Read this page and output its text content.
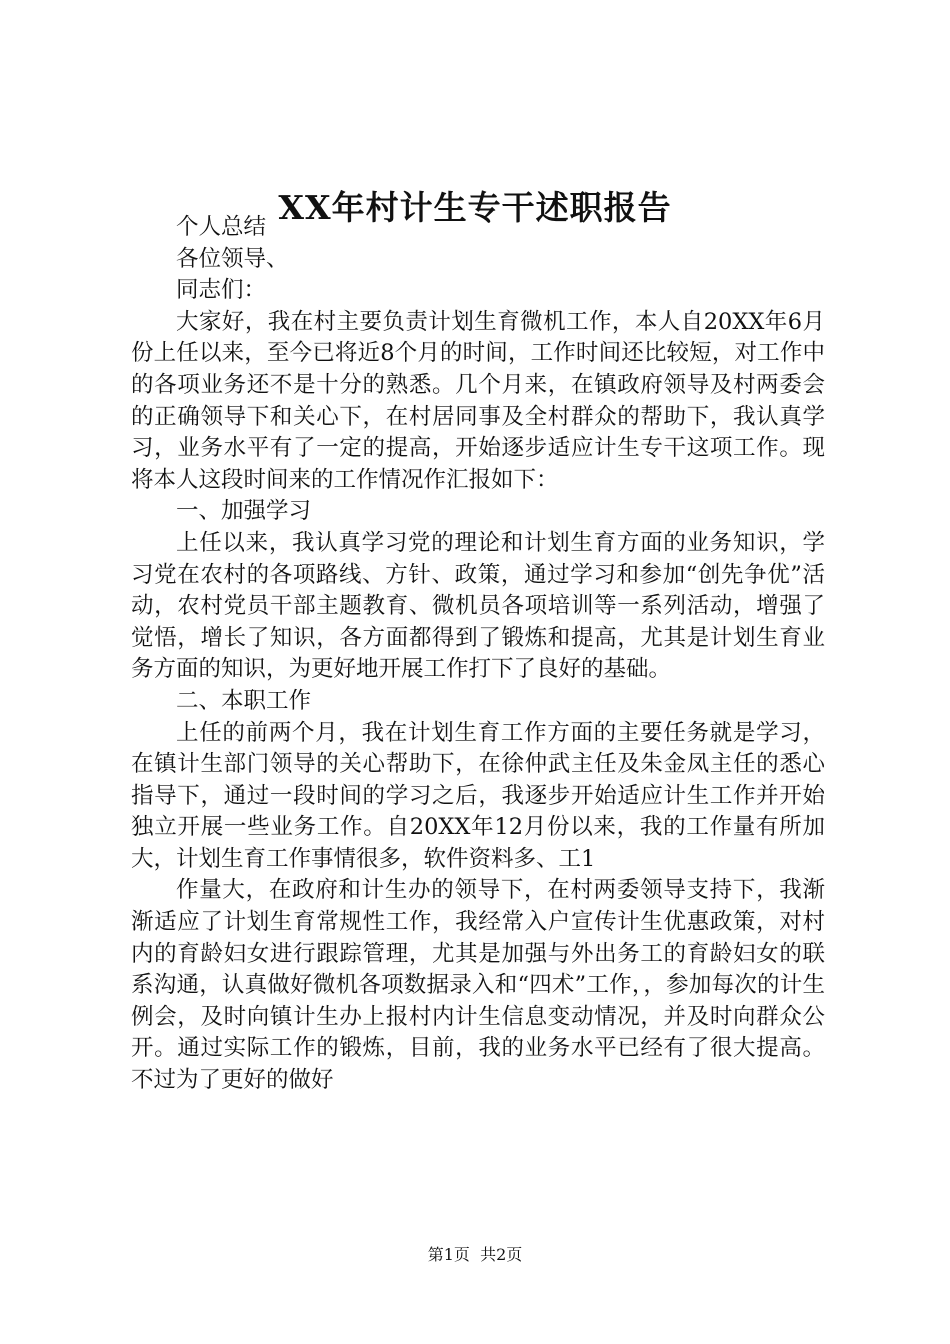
XX年村计生专干述职报告

个人总结

各位领导、

同志们：

大家好，我在村主要负责计划生育微机工作，本人自20XX年6月份上任以来，至今已将近8个月的时间，工作时间还比较短，对工作中的各项业务还不是十分的熟悉。几个月来，在镇政府领导及村两委会的正确领导下和关心下，在村居同事及全村群众的帮助下，我认真学习，业务水平有了一定的提高，开始逐步适应计生专干这项工作。现将本人这段时间来的工作情况作汇报如下：

一、加强学习

上任以来，我认真学习党的理论和计划生育方面的业务知识，学习党在农村的各项路线、方针、政策，通过学习和参加“创先争优”活动，农村党员干部主题教育、微机员各项培训等一系列活动，增强了觉悟，增长了知识，各方面都得到了锻炼和提高，尤其是计划生育业务方面的知识，为更好地开展工作打下了良好的基础。

二、本职工作

上任的前两个月，我在计划生育工作方面的主要任务就是学习，在镇计生部门领导的关心帮助下，在徐仲武主任及朱金凤主任的悉心指导下，通过一段时间的学习之后，我逐步开始适应计生工作并开始独立开展一些业务工作。自20XX年12月份以来，我的工作量有所加大，计划生育工作事情很多，软件资料多、工1

作量大，在政府和计生办的领导下，在村两委领导支持下，我渐渐适应了计划生育常规性工作，我经常入户宣传计生优惠政策，对村内的育龄妇女进行跟踪管理，尤其是加强与外出务工的育龄妇女的联系沟通，认真做好微机各项数据录入和“四术”工作，，参加每次的计生例会，及时向镇计生办上报村内计生信息变动情况，并及时向群众公开。通过实际工作的锻炼，目前，我的业务水平已经有了很大提高。不过为了更好的做好

第1页  共2页
